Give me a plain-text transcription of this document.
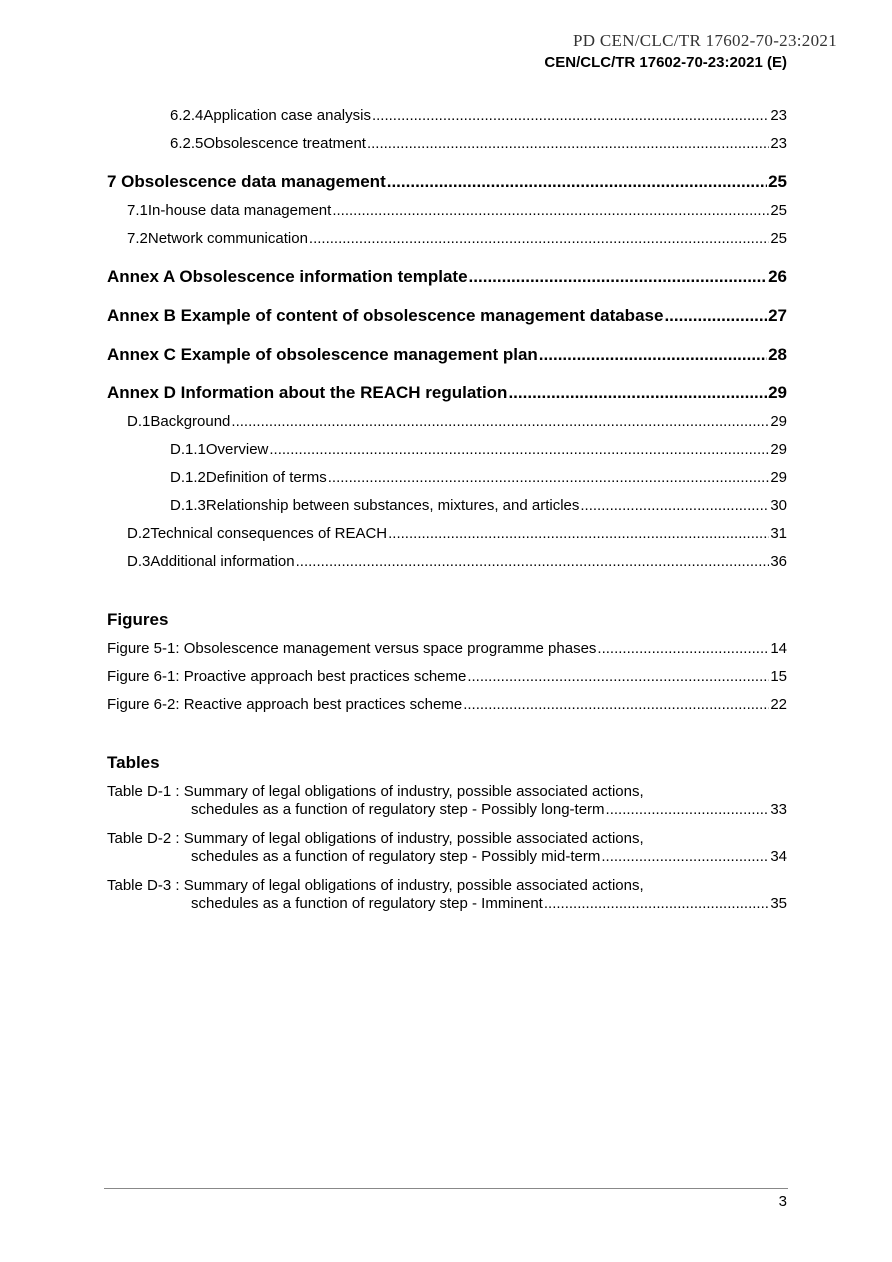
PD CEN/CLC/TR 17602-70-23:2021
CEN/CLC/TR 17602-70-23:2021 (E)
6.2.4 Application case analysis .....	23
6.2.5 Obsolescence treatment .....	23
7 Obsolescence data management .....	25
7.1 In-house data management .....	25
7.2 Network communication .....	25
Annex A Obsolescence information template .....	26
Annex B Example of content of obsolescence management database .....	27
Annex C Example of obsolescence management plan .....	28
Annex D Information about the REACH regulation .....	29
D.1 Background .....	29
D.1.1 Overview .....	29
D.1.2 Definition of terms .....	29
D.1.3 Relationship between substances, mixtures, and articles .....	30
D.2 Technical consequences of REACH .....	31
D.3 Additional information .....	36
Figures
Figure 5-1: Obsolescence management versus space programme phases .....	14
Figure 6-1: Proactive approach best practices scheme .....	15
Figure 6-2: Reactive approach best practices scheme .....	22
Tables
Table D-1 : Summary of legal obligations of industry, possible associated actions,
schedules as a function of regulatory step - Possibly long-term .....	33
Table D-2 : Summary of legal obligations of industry, possible associated actions,
schedules as a function of regulatory step - Possibly mid-term .....	34
Table D-3 : Summary of legal obligations of industry, possible associated actions,
schedules as a function of regulatory step - Imminent .....	35
3
